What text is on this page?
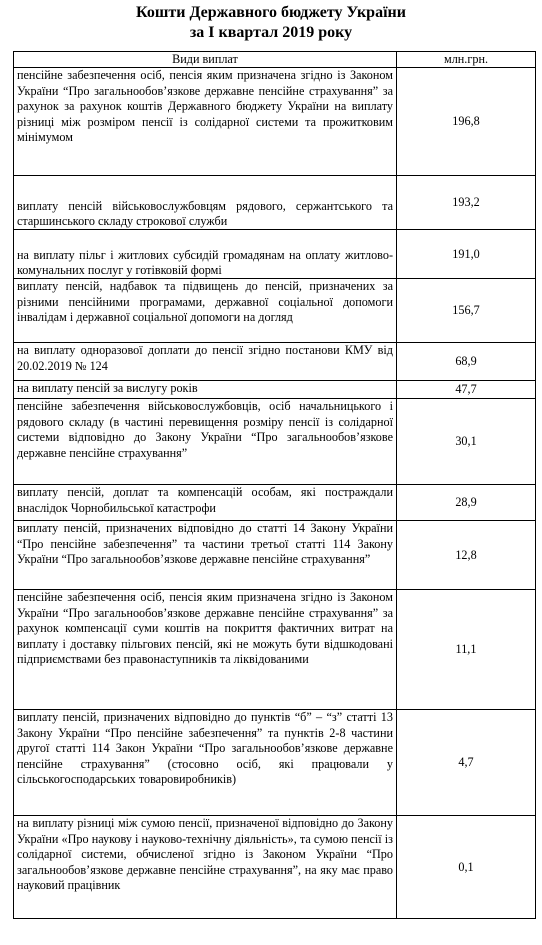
Кошти Державного бюджету України
за І квартал 2019 року
Види виплат	млн.грн.
пенсійне забезпечення осіб, пенсія яким призначена згідно із Законом України “Про загальнообов’язкове державне пенсійне страхування” за рахунок за рахунок коштів Державного бюджету України на виплату різниці між розміром пенсії із солідарної системи та прожитковим мінімумом	196,8
виплату пенсій військовослужбовцям рядового, сержантського та старшинського складу строкової служби	193,2
на виплату пільг і житлових субсидій громадянам на оплату житлово-комунальних послуг у готівковій формі	191,0
виплату пенсій, надбавок та підвищень до пенсій, призначених за різними пенсійними програмами, державної соціальної допомоги інвалідам і державної соціальної допомоги на догляд	156,7
на виплату одноразової доплати до пенсії згідно постанови КМУ від 20.02.2019 № 124	68,9
на виплату пенсій за вислугу років	47,7
пенсійне забезпечення військовослужбовців, осіб начальницького і рядового складу (в частині перевищення розміру пенсії із солідарної системи відповідно до Закону України “Про загальнообов’язкове державне пенсійне страхування”	30,1
виплату пенсій, доплат та компенсацій особам, які постраждали внаслідок Чорнобильської катастрофи	28,9
виплату пенсій, призначених відповідно до статті 14 Закону України “Про пенсійне забезпечення” та частини третьої статті 114 Закону України “Про загальнообов’язкове державне пенсійне страхування”	12,8
пенсійне забезпечення осіб, пенсія яким призначена згідно із Законом України “Про загальнообов’язкове державне пенсійне страхування” за рахунок компенсації суми коштів на покриття фактичних витрат на виплату і доставку пільгових пенсій, які не можуть бути відшкодовані підприємствами без правонаступників та ліквідованими	11,1
виплату пенсій, призначених відповідно до пунктів “б” – “з” статті 13 Закону України “Про пенсійне забезпечення” та пунктів 2-8 частини другої статті 114 Закон України “Про загальнообов’язкове державне пенсійне страхування” (стосовно осіб, які працювали у сільськогосподарських товаровиробників)	4,7
на виплату різниці між сумою пенсії, призначеної відповідно до Закону України «Про наукову і науково-технічну діяльність», та сумою пенсії із солідарної системи, обчисленої згідно із Законом України “Про загальнообов’язкове державне пенсійне страхування”, на яку має право науковий працівник	0,1
